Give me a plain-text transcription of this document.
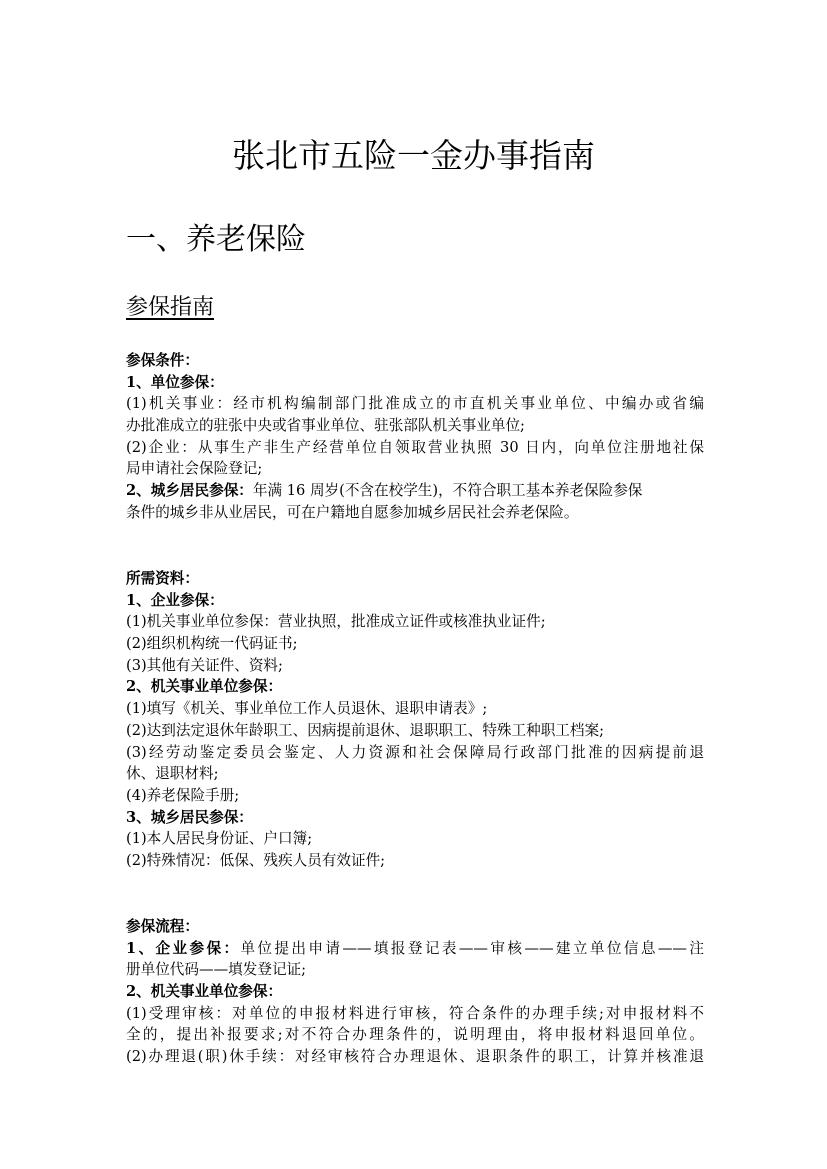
张北市五险一金办事指南
一、养老保险
参保指南
参保条件：
1、单位参保：
(1)机关事业：经市机构编制部门批准成立的市直机关事业单位、中编办或省编
办批准成立的驻张中央或省事业单位、驻张部队机关事业单位;
(2)企业：从事生产非生产经营单位自领取营业执照 30 日内，向单位注册地社保
局申请社会保险登记;
2、城乡居民参保：年满 16 周岁(不含在校学生)，不符合职工基本养老保险参保
条件的城乡非从业居民，可在户籍地自愿参加城乡居民社会养老保险。
所需资料：
1、企业参保：
(1)机关事业单位参保：营业执照，批准成立证件或核准执业证件;
(2)组织机构统一代码证书;
(3)其他有关证件、资料;
2、机关事业单位参保：
(1)填写《机关、事业单位工作人员退休、退职申请表》;
(2)达到法定退休年龄职工、因病提前退休、退职职工、特殊工种职工档案;
(3)经劳动鉴定委员会鉴定、人力资源和社会保障局行政部门批准的因病提前退
休、退职材料;
(4)养老保险手册;
3、城乡居民参保：
(1)本人居民身份证、户口簿;
(2)特殊情况：低保、残疾人员有效证件;
参保流程：
1、企业参保：单位提出申请——填报登记表——审核——建立单位信息——注
册单位代码——填发登记证;
2、机关事业单位参保：
(1)受理审核：对单位的申报材料进行审核，符合条件的办理手续;对申报材料不
全的，提出补报要求;对不符合办理条件的，说明理由，将申报材料退回单位。
(2)办理退(职)休手续：对经审核符合办理退休、退职条件的职工，计算并核准退
